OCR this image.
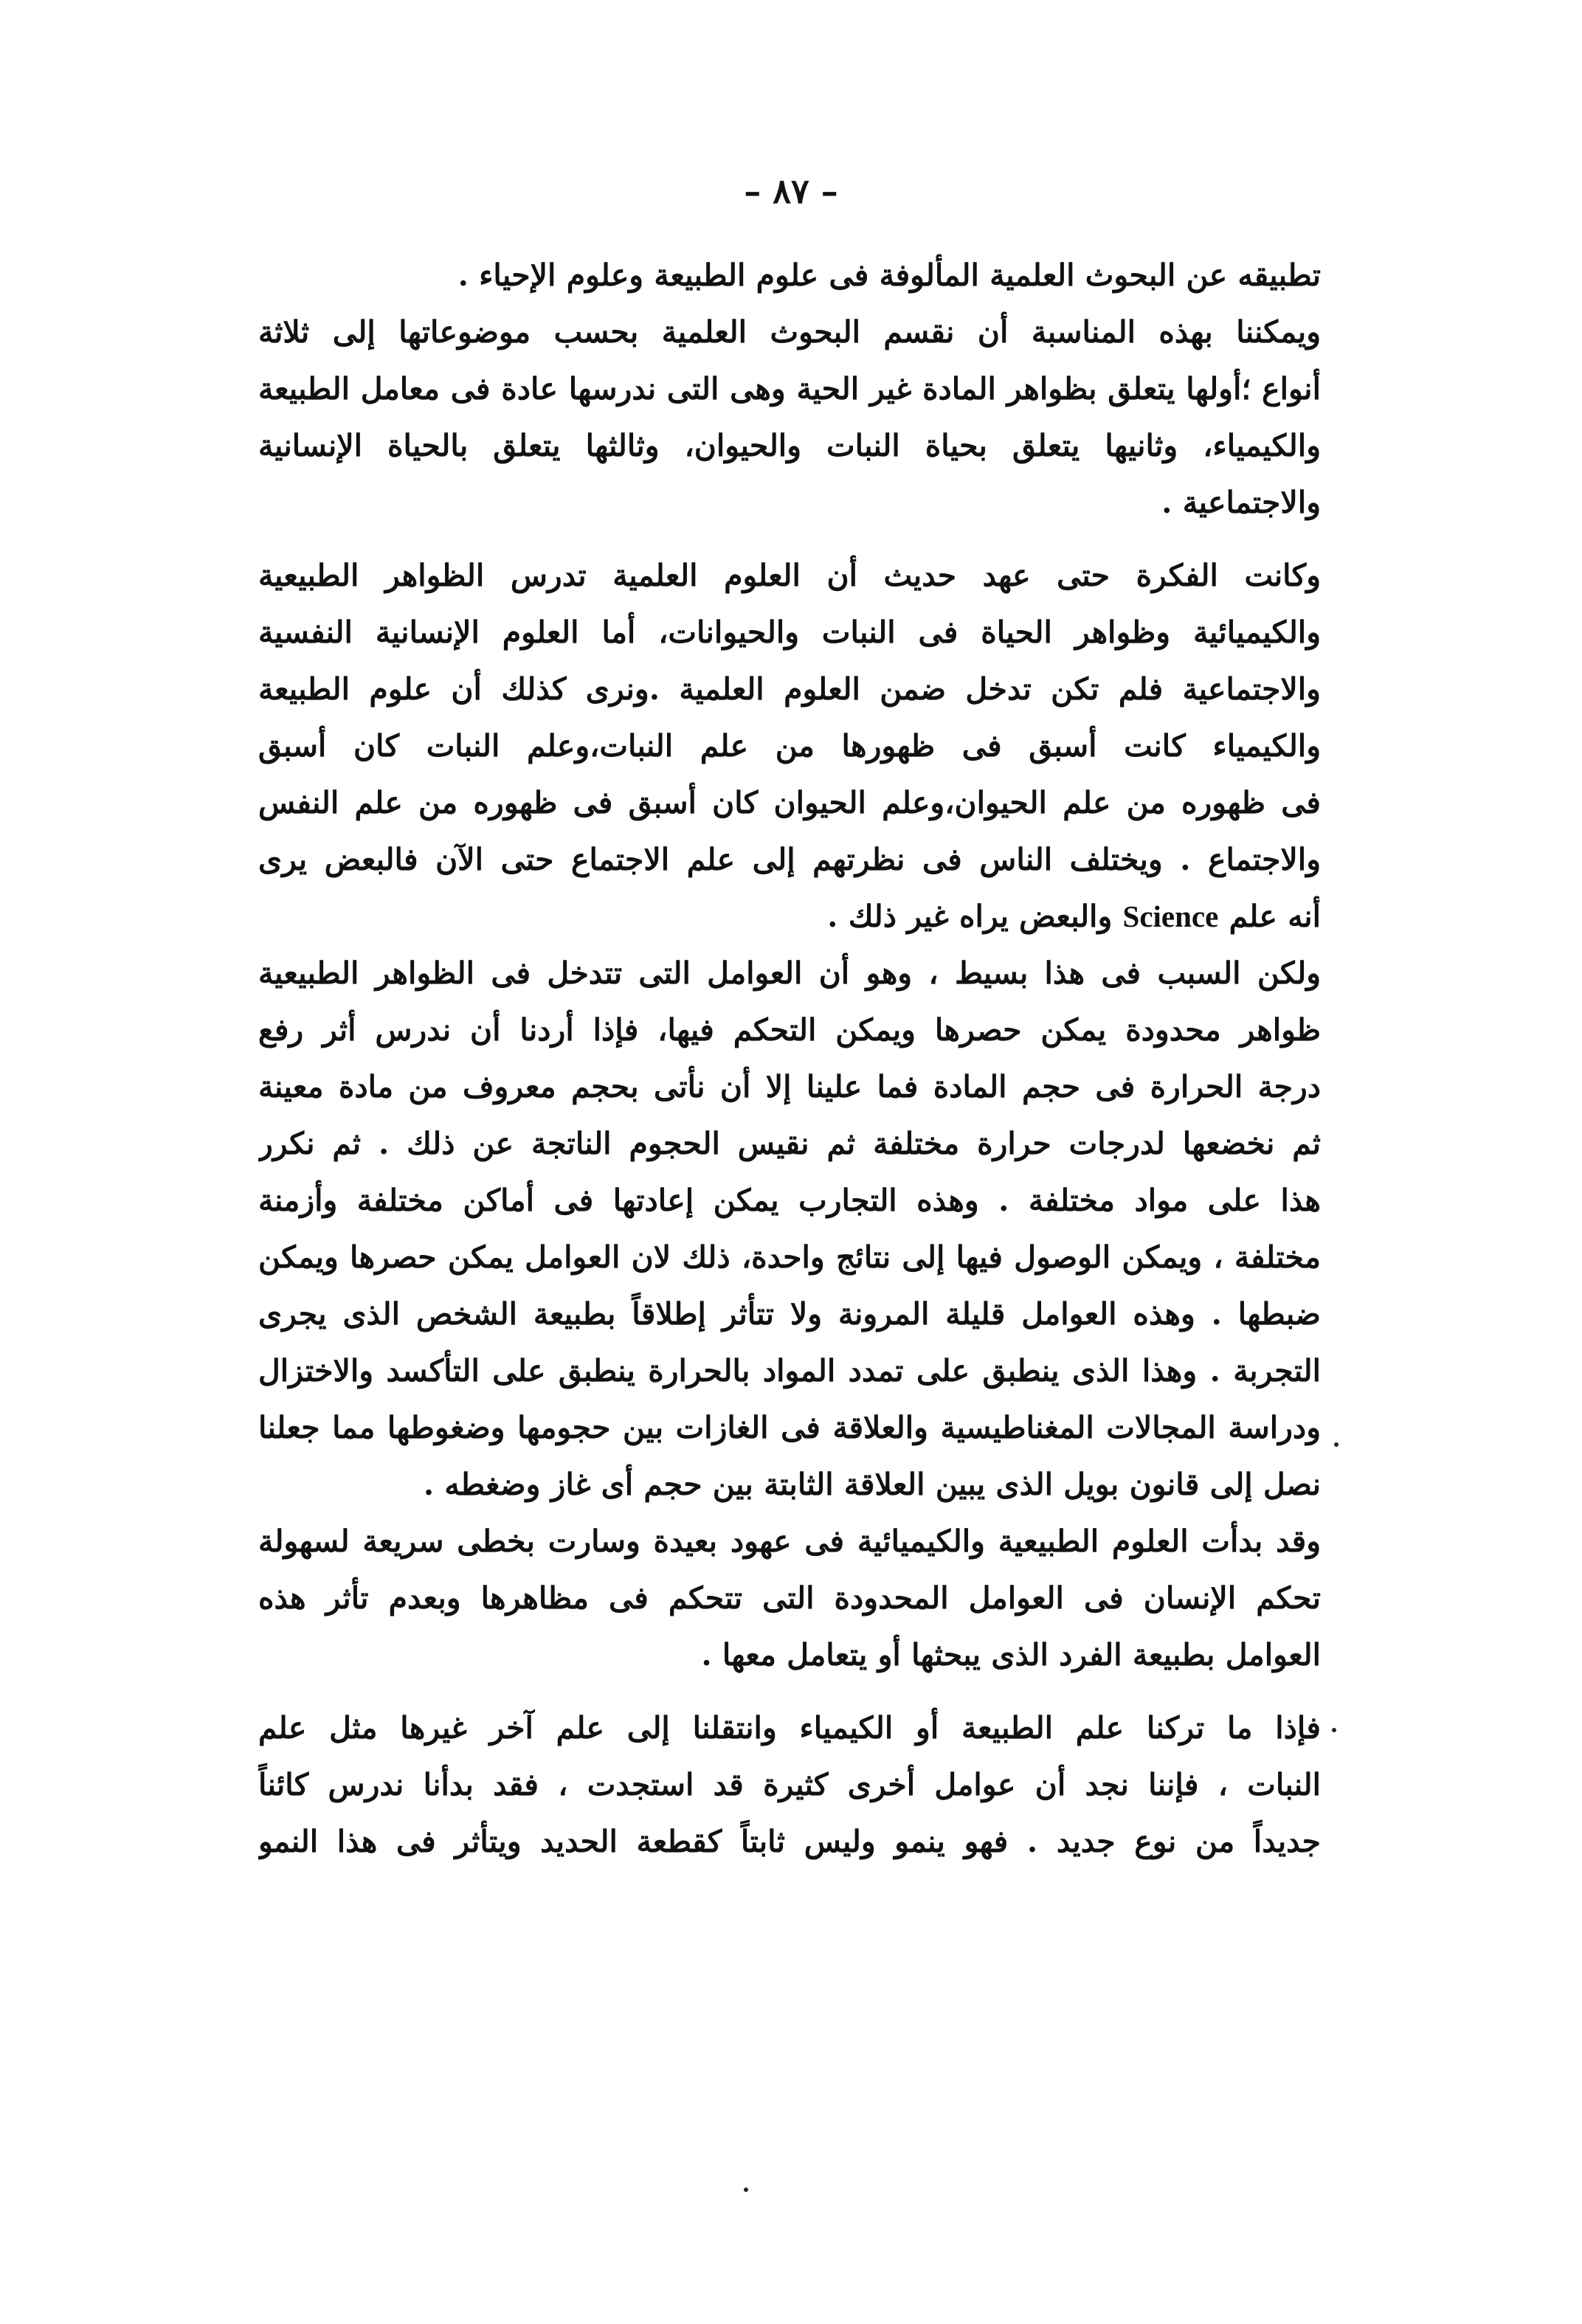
– ٨٧ –
تطبيقه عن البحوث العلمية المألوفة فى علوم الطبيعة وعلوم الإحياء .
ويمكننا بهذه المناسبة أن نقسم البحوث العلمية بحسب موضوعاتها إلى ثلاثة
أنواع ؛أولها يتعلق بظواهر المادة غير الحية وهى التى ندرسها عادة فى معامل الطبيعة
والكيمياء، وثانيها يتعلق بحياة النبات والحيوان، وثالثها يتعلق بالحياة الإنسانية
والاجتماعية .
وكانت الفكرة حتى عهد حديث أن العلوم العلمية تدرس الظواهر الطبيعية
والكيميائية وظواهر الحياة فى النبات والحيوانات، أما العلوم الإنسانية النفسية
والاجتماعية فلم تكن تدخل ضمن العلوم العلمية .ونرى كذلك أن علوم الطبيعة
والكيمياء كانت أسبق فى ظهورها من علم النبات،وعلم النبات كان أسبق
فى ظهوره من علم الحيوان،وعلم الحيوان كان أسبق فى ظهوره من علم النفس
والاجتماع . ويختلف الناس فى نظرتهم إلى علم الاجتماع حتى الآن فالبعض يرى
أنه علم Science والبعض يراه غير ذلك .
ولكن السبب فى هذا بسيط ، وهو أن العوامل التى تتدخل فى الظواهر الطبيعية
ظواهر محدودة يمكن حصرها ويمكن التحكم فيها، فإذا أردنا أن ندرس أثر رفع
درجة الحرارة فى حجم المادة فما علينا إلا أن نأتى بحجم معروف من مادة معينة
ثم نخضعها لدرجات حرارة مختلفة ثم نقيس الحجوم الناتجة عن ذلك . ثم نكرر
هذا على مواد مختلفة . وهذه التجارب يمكن إعادتها فى أماكن مختلفة وأزمنة
مختلفة ، ويمكن الوصول فيها إلى نتائج واحدة، ذلك لان العوامل يمكن حصرها ويمكن
ضبطها . وهذه العوامل قليلة المرونة ولا تتأثر إطلاقاً بطبيعة الشخص الذى يجرى
التجربة . وهذا الذى ينطبق على تمدد المواد بالحرارة ينطبق على التأكسد والاختزال
ودراسة المجالات المغناطيسية والعلاقة فى الغازات بين حجومها وضغوطها مما جعلنا
نصل إلى قانون بويل الذى يبين العلاقة الثابتة بين حجم أى غاز وضغطه .
وقد بدأت العلوم الطبيعية والكيميائية فى عهود بعيدة وسارت بخطى سريعة لسهولة
تحكم الإنسان فى العوامل المحدودة التى تتحكم فى مظاهرها وبعدم تأثر هذه
العوامل بطبيعة الفرد الذى يبحثها أو يتعامل معها .
فإذا ما تركنا علم الطبيعة أو الكيمياء وانتقلنا إلى علم آخر غيرها مثل علم
النبات ، فإننا نجد أن عوامل أخرى كثيرة قد استجدت ، فقد بدأنا ندرس كائناً
جديداً من نوع جديد . فهو ينمو وليس ثابتاً كقطعة الحديد ويتأثر فى هذا النمو
